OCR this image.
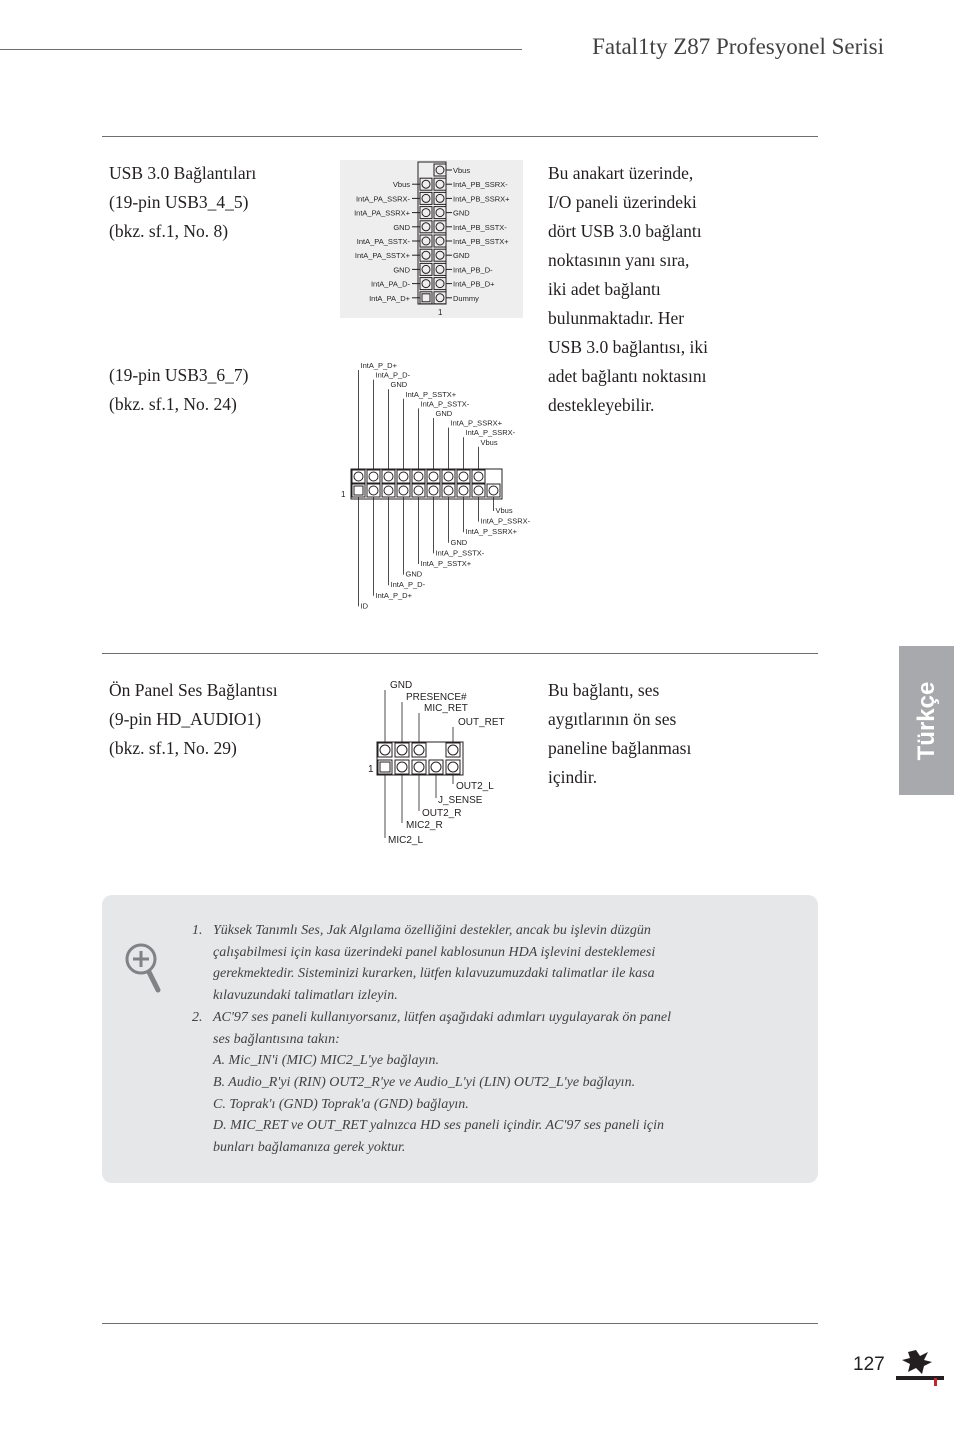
Fatal1ty Z87 Profesyonel Serisi
Türkçe
USB 3.0 Bağlantıları
(19-pin USB3_4_5)
(bkz. sf.1, No. 8)
(19-pin USB3_6_7)
(bkz. sf.1, No. 24)
Bu anakart üzerinde,
I/O paneli üzerindeki
dört USB 3.0 bağlantı
noktasının yanı sıra,
iki adet bağlantı
bulunmaktadır. Her
USB 3.0 bağlantısı, iki
adet bağlantı noktasını
destekleyebilir.
Vbus
IntA_PA_SSRX-
IntA_PA_SSRX+
GND
IntA_PA_SSTX-
IntA_PA_SSTX+
GND
IntA_PA_D-
IntA_PA_D+
Vbus
IntA_PB_SSRX-
IntA_PB_SSRX+
GND
IntA_PB_SSTX-
IntA_PB_SSTX+
GND
IntA_PB_D-
IntA_PB_D+
Dummy
1
IntA_P_D+
IntA_P_D-
GND
IntA_P_SSTX+
IntA_P_SSTX-
GND
IntA_P_SSRX+
IntA_P_SSRX-
Vbus
Vbus
IntA_P_SSRX-
IntA_P_SSRX+
GND
IntA_P_SSTX-
IntA_P_SSTX+
GND
IntA_P_D-
IntA_P_D+
ID
1
Ön Panel Ses Bağlantısı
(9-pin HD_AUDIO1)
(bkz. sf.1, No. 29)
Bu bağlantı, ses
aygıtlarının ön ses
paneline bağlanması
içindir.
GND
PRESENCE#
MIC_RET
OUT_RET
OUT2_L
J_SENSE
OUT2_R
MIC2_R
MIC2_L
1
1. Yüksek Tanımlı Ses, Jak Algılama özelliğini destekler, ancak bu işlevin düzgün
çalışabilmesi için kasa üzerindeki panel kablosunun HDA işlevini desteklemesi
gerekmektedir. Sisteminizi kurarken, lütfen kılavuzumuzdaki talimatlar ile kasa
kılavuzundaki talimatları izleyin.
2. AC'97 ses paneli kullanıyorsanız, lütfen aşağıdaki adımları uygulayarak ön panel
ses bağlantısına takın:
A. Mic_IN'i (MIC) MIC2_L'ye bağlayın.
B. Audio_R'yi (RIN) OUT2_R'ye ve Audio_L'yi (LIN) OUT2_L'ye bağlayın.
C. Toprak'ı (GND) Toprak'a (GND) bağlayın.
D. MIC_RET ve OUT_RET yalnızca HD ses paneli içindir. AC'97 ses paneli için
bunları bağlamanıza gerek yoktur.
127
